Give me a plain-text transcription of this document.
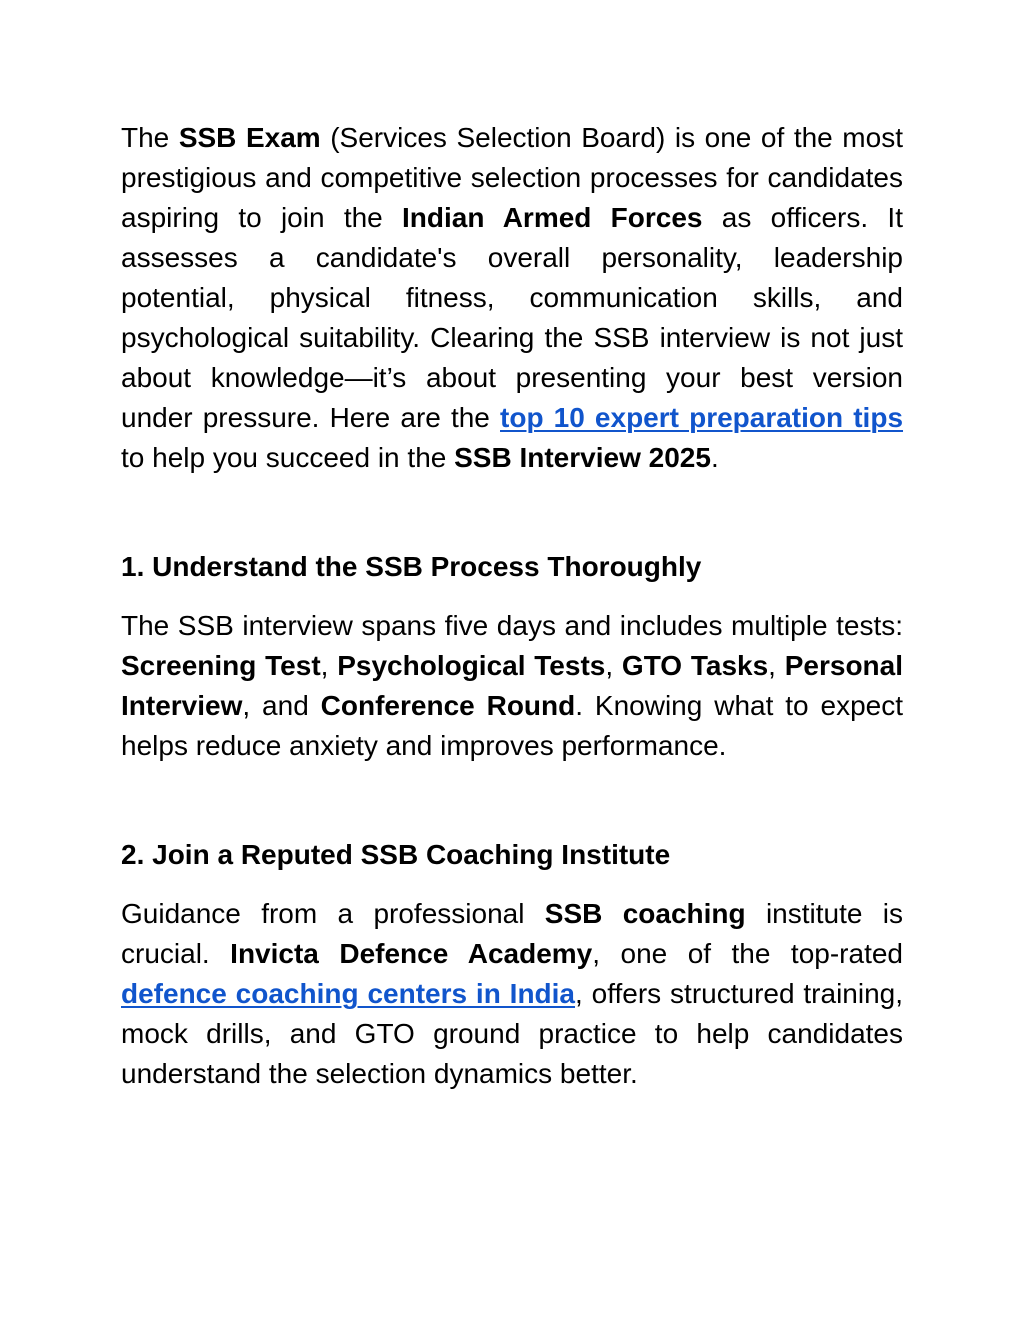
The SSB Exam (Services Selection Board) is one of the most prestigious and competitive selection processes for candidates aspiring to join the Indian Armed Forces as officers. It assesses a candidate's overall personality, leadership potential, physical fitness, communication skills, and psychological suitability. Clearing the SSB interview is not just about knowledge—it’s about presenting your best version under pressure. Here are the top 10 expert preparation tips to help you succeed in the SSB Interview 2025.

1. Understand the SSB Process Thoroughly

The SSB interview spans five days and includes multiple tests: Screening Test, Psychological Tests, GTO Tasks, Personal Interview, and Conference Round. Knowing what to expect helps reduce anxiety and improves performance.

2. Join a Reputed SSB Coaching Institute

Guidance from a professional SSB coaching institute is crucial. Invicta Defence Academy, one of the top-rated defence coaching centers in India, offers structured training, mock drills, and GTO ground practice to help candidates understand the selection dynamics better.
